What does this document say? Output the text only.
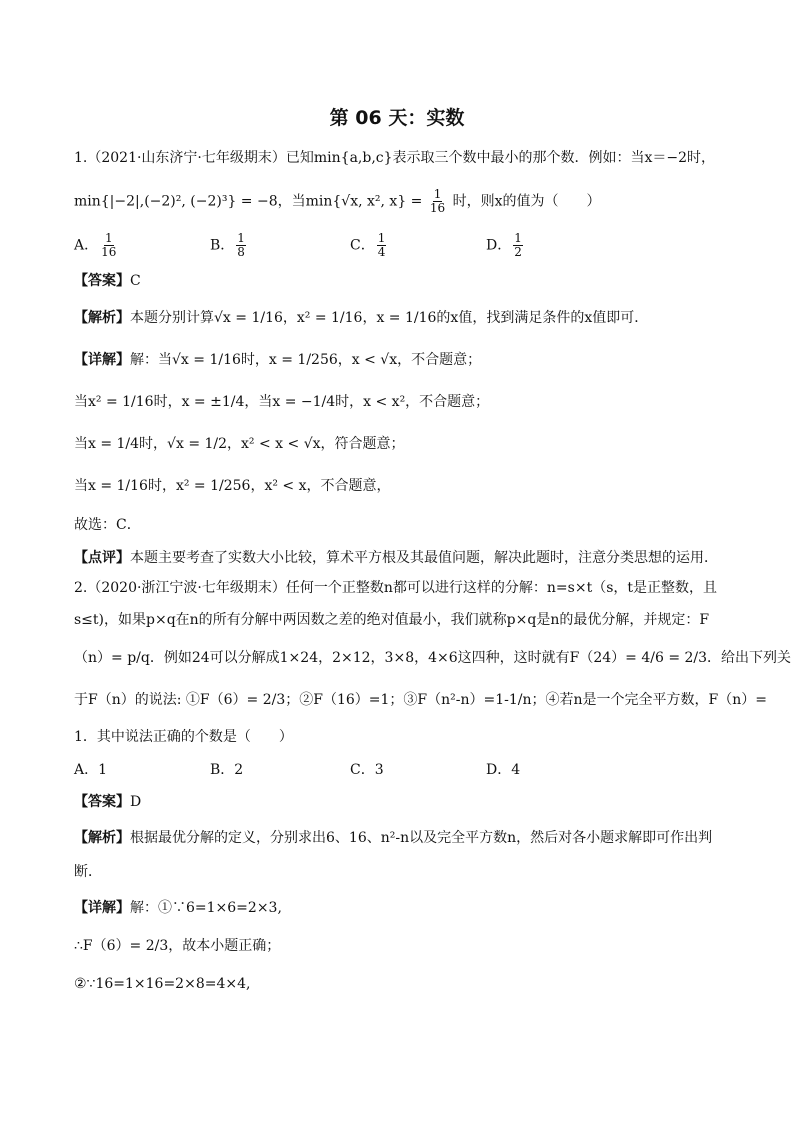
第 06 天：实数
1.（2021·山东济宁·七年级期末）已知min{a,b,c}表示取三个数中最小的那个数．例如：当x＝−2时，
min{|−2|,(−2)², (−2)³} = −8，当min{√x, x², $x\} = \frac{1}{16}$ 时，则x的值为（　　）
A． $\frac{1}{16}$	B． $\frac{1}{8}$	C． $\frac{1}{4}$	D． $\frac{1}{2}$
【答案】C
【解析】本题分别计算√x = 1/16，x² = 1/16，x = 1/16的x值，找到满足条件的x值即可．
【详解】解：当√x = 1/16时，x = 1/256，x < √x，不合题意；
当x² = 1/16时，x = ±1/4，当x = −1/4时，x < x²，不合题意；
当x = 1/4时，√x = 1/2，x² < x < √x，符合题意；
当x = 1/16时，x² = 1/256，x² < x，不合题意，
故选：C．
【点评】本题主要考查了实数大小比较，算术平方根及其最值问题，解决此题时，注意分类思想的运用．
2.（2020·浙江宁波·七年级期末）任何一个正整数n都可以进行这样的分解：n=s×t（s，t是正整数，且
s≤t)，如果p×q在n的所有分解中两因数之差的绝对值最小，我们就称p×q是n的最优分解，并规定：F
（n）= p/q．例如24可以分解成1×24，2×12，3×8，4×6这四种，这时就有F（24）= 4/6 = 2/3．给出下列关
于F（n）的说法: ①F（6）= 2/3；②F（16）=1；③F（n²-n）=1-1/n；④若n是一个完全平方数，F（n）=
1．其中说法正确的个数是（　　）
A．1	B．2	C．3	D．4
【答案】D
【解析】根据最优分解的定义，分别求出6、16、n²-n以及完全平方数n，然后对各小题求解即可作出判
断．
【详解】解：①∵6=1×6=2×3,
∴F（6）= 2/3，故本小题正确；
②∵16=1×16=2×8=4×4,
